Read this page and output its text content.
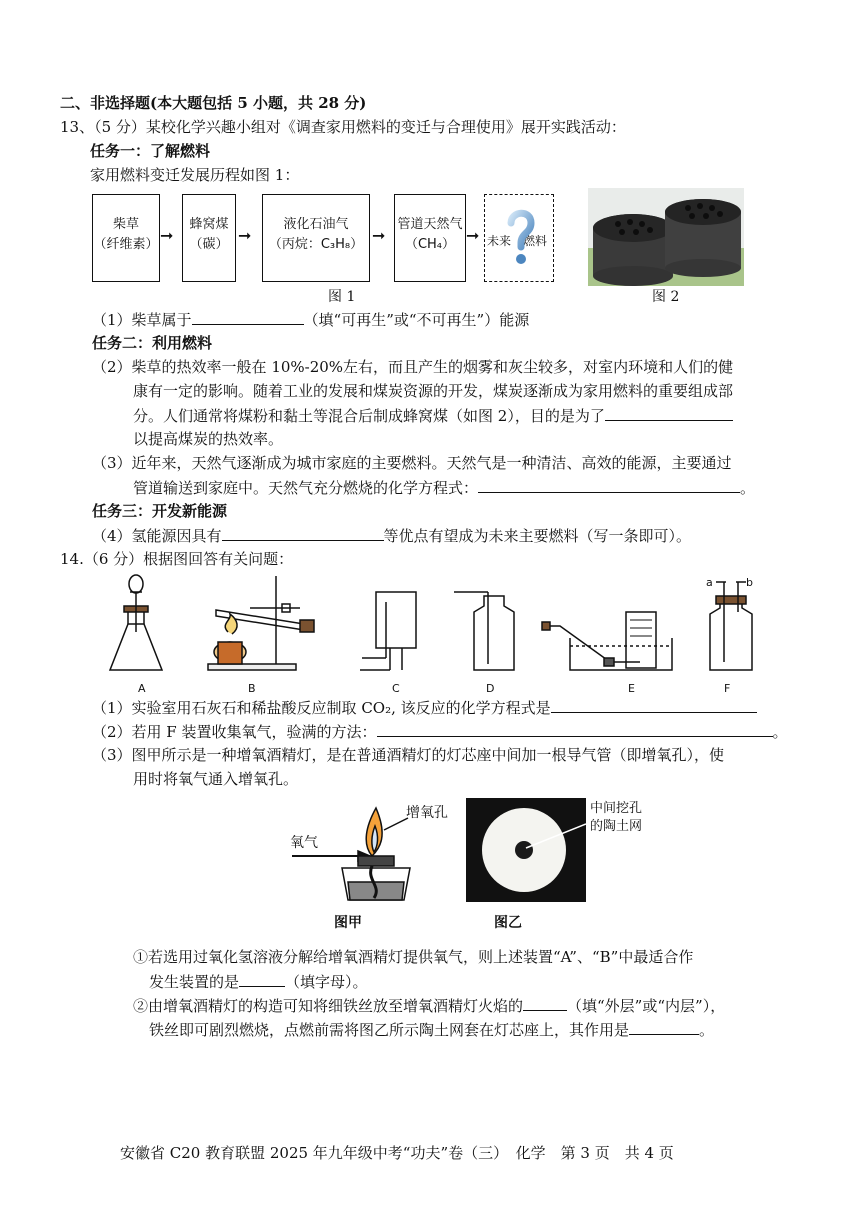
二、非选择题(本大题包括 5 小题，共 28 分)
13、（5 分）某校化学兴趣小组对《调查家用燃料的变迁与合理使用》展开实践活动：
任务一：了解燃料
家用燃料变迁发展历程如图 1：
柴草
（纤维素） ➞
蜂窝煤
（碳） ➞
液化石油气
（丙烷：C₃H₈） ➞
管道天然气
（CH₄） ➞ 未来 燃料
图 1	图 2
（1）柴草属于	（填“可再生”或“不可再生”）能源
任务二：利用燃料
（2）柴草的热效率一般在 10%-20%左右，而且产生的烟雾和灰尘较多，对室内环境和人们的健
康有一定的影响。随着工业的发展和煤炭资源的开发，煤炭逐渐成为家用燃料的重要组成部
分。人们通常将煤粉和黏土等混合后制成蜂窝煤（如图 2），目的是为了
以提高煤炭的热效率。
（3）近年来，天然气逐渐成为城市家庭的主要燃料。天然气是一种清洁、高效的能源，主要通过
管道输送到家庭中。天然气充分燃烧的化学方程式：	。
任务三：开发新能源
（4）氢能源因具有	等优点有望成为未来主要燃料（写一条即可）。
14.（6 分）根据图回答有关问题：
a	b
A	B	C	D	E	F
（1）实验室用石灰石和稀盐酸反应制取 CO₂, 该反应的化学方程式是
（2）若用 F 装置收集氧气，验满的方法：	。
（3）图甲所示是一种增氧酒精灯，是在普通酒精灯的灯芯座中间加一根导气管（即增氧孔），使
用时将氧气通入增氧孔。
增氧孔
氧气
图甲
中间挖孔
的陶土网
图乙
①若选用过氧化氢溶液分解给增氧酒精灯提供氧气，则上述装置“A”、“B”中最适合作
发生装置的是	（填字母）。
②由增氧酒精灯的构造可知将细铁丝放至增氧酒精灯火焰的	（填“外层”或“内层”），
铁丝即可剧烈燃烧，点燃前需将图乙所示陶土网套在灯芯座上，其作用是	。
安徽省 C20 教育联盟 2025 年九年级中考“功夫”卷（三）　化学　第 3 页　共 4 页
